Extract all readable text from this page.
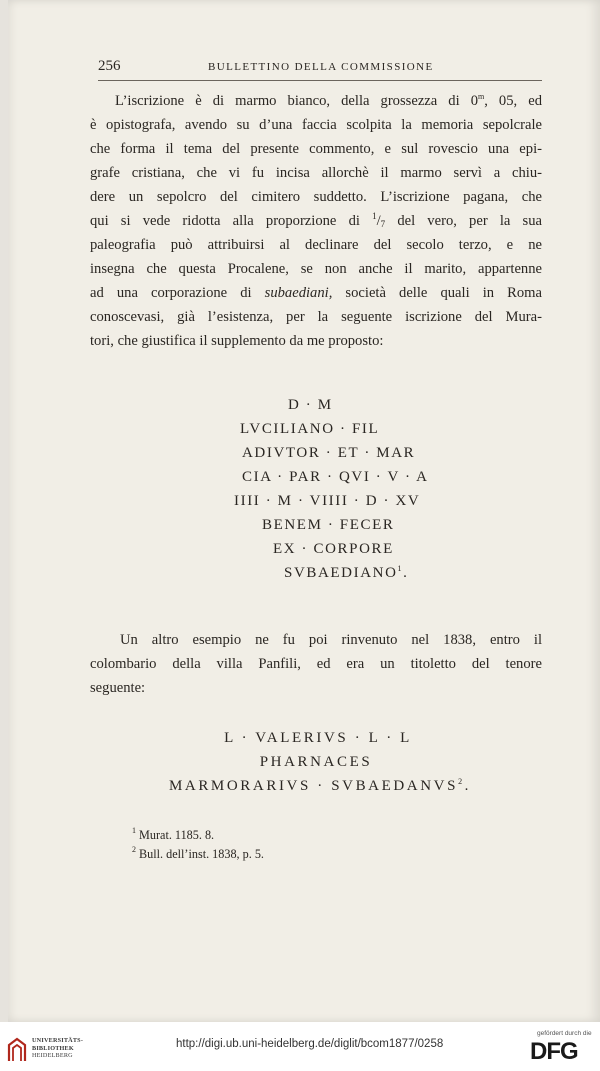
256	BULLETTINO DELLA COMMISSIONE
L’iscrizione è di marmo bianco, della grossezza di 0$^m$, 05, ed
è opistografa, avendo su d’una faccia scolpita la memoria sepolcrale
che forma il tema del presente commento, e sul rovescio una epi-
grafe cristiana, che vi fu incisa allorchè il marmo servì a chiu-
dere un sepolcro del cimitero suddetto. L’iscrizione pagana, che
qui si vede ridotta alla proporzione di $^1/_7$ del vero, per la sua
paleografia può attribuirsi al declinare del secolo terzo, e ne
insegna che questa Procalene, se non anche il marito, appartenne
ad una corporazione di subaediani, società delle quali in Roma
conoscevasi, già l’esistenza, per la seguente iscrizione del Mura-
tori, che giustifica il supplemento da me proposto:
D · M
LVCILIANO · FIL
ADIVTOR · ET · MAR
CIA · PAR · QVI · V · A
IIII · M · VIIII · D · XV
BENEM · FECER
EX · CORPORE
SVBAEDIANO$^1$.
Un altro esempio ne fu poi rinvenuto nel 1838, entro il
colombario della villa Panfili, ed era un titoletto del tenore
seguente:
L · VALERIVS · L · L
PHARNACES
MARMORARIVS · $SVBAEDANVS^2$.
$^1$ Murat. 1185. 8.
$^2$ Bull. dell’inst. 1838, p. 5.
UNIVERSITÄTS-
BIBLIOTHEK
HEIDELBERG
http://digi.ub.uni-heidelberg.de/diglit/bcom1877/0258
gefördert durch die
DFG
